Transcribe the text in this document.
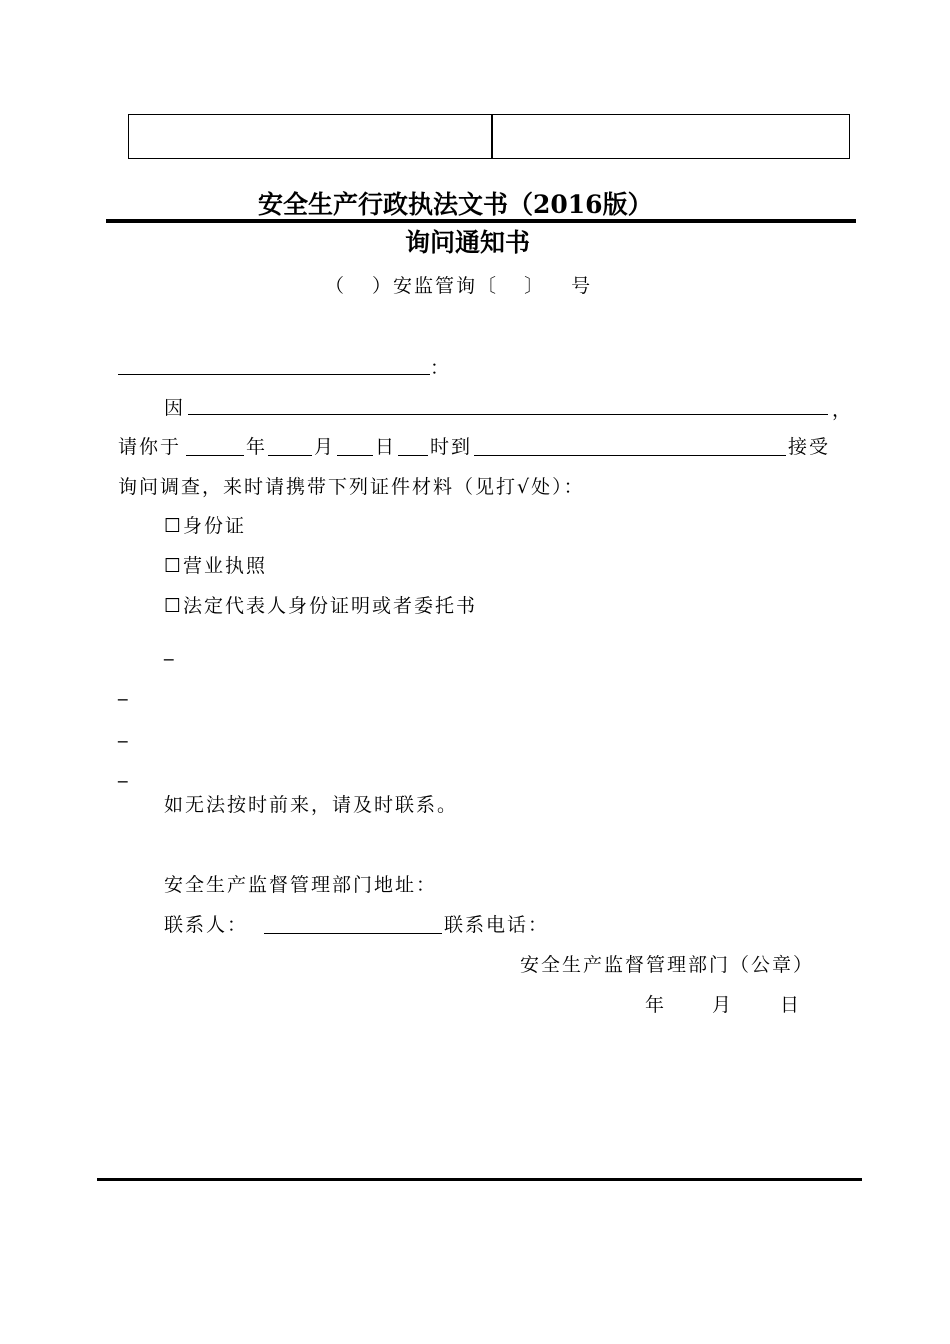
安全生产行政执法文书（2016版）
询问通知书
（ ）安监管询〔 〕 号
：
因	，
请你于	年 月 日 时到	接受
询问调查，来时请携带下列证件材料（见打√处）：
☐身份证
☐营业执照
☐法定代表人身份证明或者委托书
_
_
_
_
如无法按时前来，请及时联系。
安全生产监督管理部门地址：
联系人：	联系电话：
安全生产监督管理部门（公章）
年 月 日
